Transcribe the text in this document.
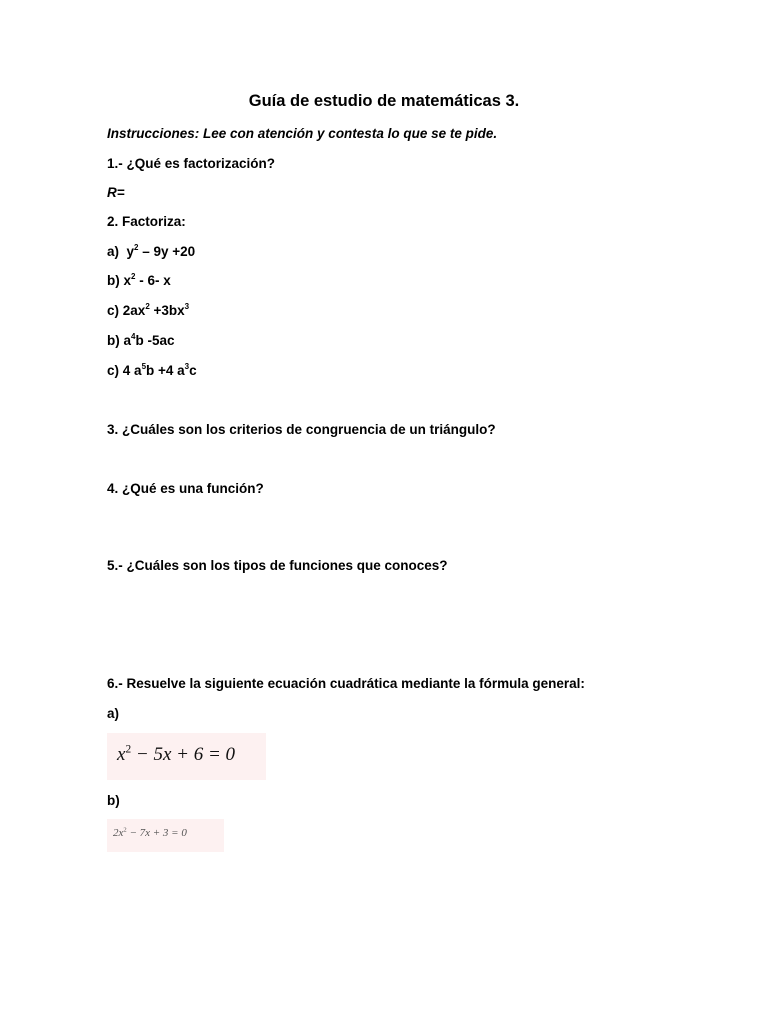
Guía de estudio de matemáticas 3.
Instrucciones: Lee con atención y contesta lo que se te pide.
1.- ¿Qué es factorización?
R=
2. Factoriza:
a) $y^2 - 9y +20$
b) $x^2 - 6-$ x
c) $2ax^2 +3bx^3$
b) $a^4b$ -5ac
c) 4 $a^5b +4$ $a^3c$
3. ¿Cuáles son los criterios de congruencia de un triángulo?
4. ¿Qué es una función?
5.- ¿Cuáles son los tipos de funciones que conoces?
6.- Resuelve la siguiente ecuación cuadrática mediante la fórmula general:
a)
$x^2 - 5x + 6 = 0$
b)
$2x^2 - 7x + 3 = 0$
